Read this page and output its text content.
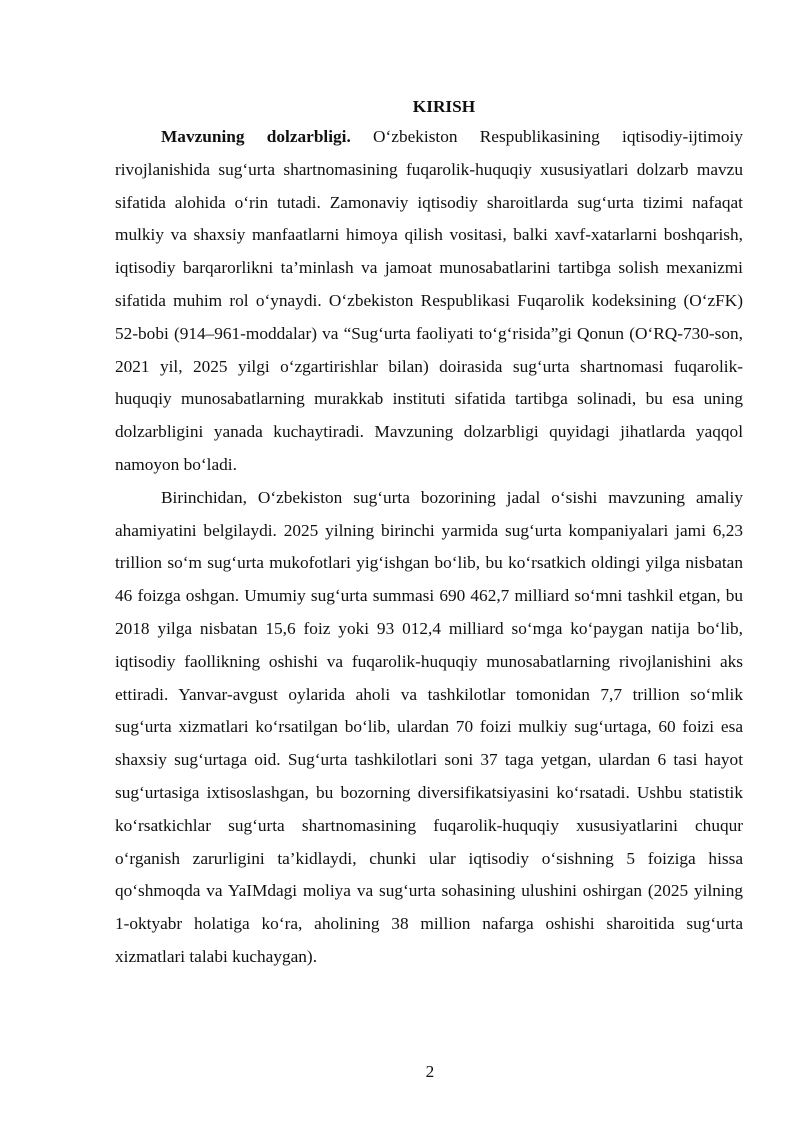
KIRISH

Mavzuning dolzarbligi. O‘zbekiston Respublikasining iqtisodiy-ijtimoiy rivojlanishida sug‘urta shartnomasining fuqarolik-huquqiy xususiyatlari dolzarb mavzu sifatida alohida o‘rin tutadi. Zamonaviy iqtisodiy sharoitlarda sug‘urta tizimi nafaqat mulkiy va shaxsiy manfaatlarni himoya qilish vositasi, balki xavf-xatarlarni boshqarish, iqtisodiy barqarorlikni ta’minlash va jamoat munosabatlarini tartibga solish mexanizmi sifatida muhim rol o‘ynaydi. O‘zbekiston Respublikasi Fuqarolik kodeksining (O‘zFK) 52-bobi (914–961-moddalar) va “Sug‘urta faoliyati to‘g‘risida”gi Qonun (O‘RQ-730-son, 2021 yil, 2025 yilgi o‘zgartirishlar bilan) doirasida sug‘urta shartnomasi fuqarolik-huquqiy munosabatlarning murakkab instituti sifatida tartibga solinadi, bu esa uning dolzarbligini yanada kuchaytiradi. Mavzuning dolzarbligi quyidagi jihatlarda yaqqol namoyon bo‘ladi.

Birinchidan, O‘zbekiston sug‘urta bozorining jadal o‘sishi mavzuning amaliy ahamiyatini belgilaydi. 2025 yilning birinchi yarmida sug‘urta kompaniyalari jami 6,23 trillion so‘m sug‘urta mukofotlari yig‘ishgan bo‘lib, bu ko‘rsatkich oldingi yilga nisbatan 46 foizga oshgan. Umumiy sug‘urta summasi 690 462,7 milliard so‘mni tashkil etgan, bu 2018 yilga nisbatan 15,6 foiz yoki 93 012,4 milliard so‘mga ko‘paygan natija bo‘lib, iqtisodiy faollikning oshishi va fuqarolik-huquqiy munosabatlarning rivojlanishini aks ettiradi. Yanvar-avgust oylarida aholi va tashkilotlar tomonidan 7,7 trillion so‘mlik sug‘urta xizmatlari ko‘rsatilgan bo‘lib, ulardan 70 foizi mulkiy sug‘urtaga, 60 foizi esa shaxsiy sug‘urtaga oid. Sug‘urta tashkilotlari soni 37 taga yetgan, ulardan 6 tasi hayot sug‘urtasiga ixtisoslashgan, bu bozorning diversifikatsiyasini ko‘rsatadi. Ushbu statistik ko‘rsatkichlar sug‘urta shartnomasining fuqarolik-huquqiy xususiyatlarini chuqur o‘rganish zarurligini ta’kidlaydi, chunki ular iqtisodiy o‘sishning 5 foiziga hissa qo‘shmoqda va YaIMdagi moliya va sug‘urta sohasining ulushini oshirgan (2025 yilning 1-oktyabr holatiga ko‘ra, aholining 38 million nafarga oshishi sharoitida sug‘urta xizmatlari talabi kuchaygan).

2
